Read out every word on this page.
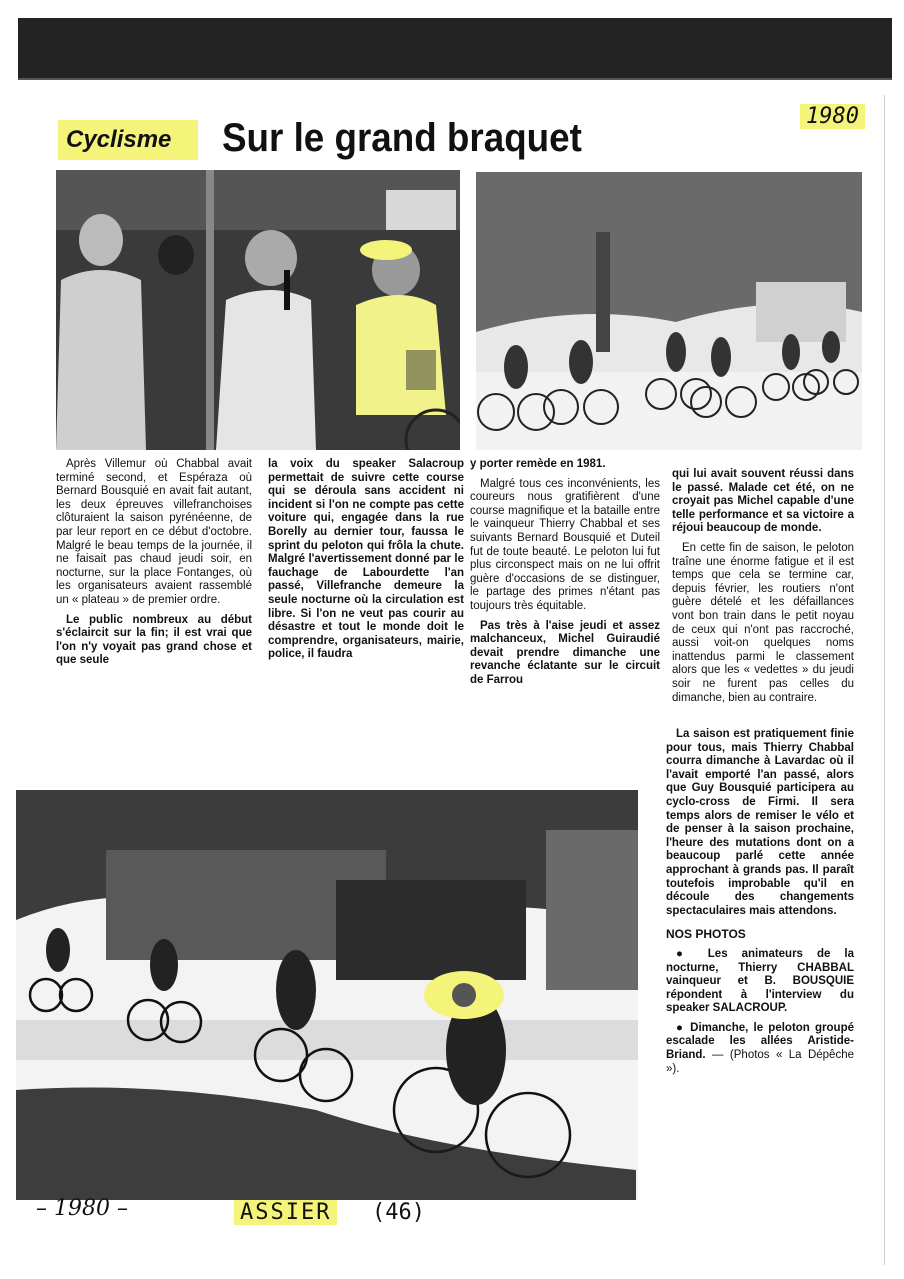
Cyclisme	Sur le grand braquet	1980

Après Villemur où Chabbal avait terminé second, et Espéraza où Bernard Bousquié en avait fait autant, les deux épreuves villefranchoises clôturaient la saison pyrénéenne, de par leur report en ce début d'octobre. Malgré le beau temps de la journée, il ne faisait pas chaud jeudi soir, en nocturne, sur la place Fontanges, où les organisateurs avaient rassemblé un « plateau » de premier ordre.

Le public nombreux au début s'éclaircit sur la fin; il est vrai que l'on n'y voyait pas grand chose et que seule

la voix du speaker Salacroup permettait de suivre cette course qui se déroula sans accident ni incident si l'on ne compte pas cette voiture qui, engagée dans la rue Borelly au dernier tour, faussa le sprint du peloton qui frôla la chute. Malgré l'avertissement donné par le fauchage de Labourdette l'an passé, Villefranche demeure la seule nocturne où la circulation est libre. Si l'on ne veut pas courir au désastre et tout le monde doit le comprendre, organisateurs, mairie, police, il faudra

y porter remède en 1981.

Malgré tous ces inconvénients, les coureurs nous gratifièrent d'une course magnifique et la bataille entre le vainqueur Thierry Chabbal et ses suivants Bernard Bousquié et Duteil fut de toute beauté. Le peloton lui fut plus circonspect mais on ne lui offrit guère d'occasions de se distinguer, le partage des primes n'étant pas toujours très équitable.

Pas très à l'aise jeudi et assez malchanceux, Michel Guiraudié devait prendre dimanche une revanche éclatante sur le circuit de Farrou

qui lui avait souvent réussi dans le passé. Malade cet été, on ne croyait pas Michel capable d'une telle performance et sa victoire a réjoui beaucoup de monde.

En cette fin de saison, le peloton traîne une énorme fatigue et il est temps que cela se termine car, depuis février, les routiers n'ont guère dételé et les défaillances vont bon train dans le petit noyau de ceux qui n'ont pas raccroché, aussi voit-on quelques noms inattendus parmi le classement alors que les « vedettes » du jeudi soir ne furent pas celles du dimanche, bien au contraire.

La saison est pratiquement finie pour tous, mais Thierry Chabbal courra dimanche à Lavardac où il l'avait emporté l'an passé, alors que Guy Bousquié participera au cyclo-cross de Firmi. Il sera temps alors de remiser le vélo et de penser à la saison prochaine, l'heure des mutations dont on a beaucoup parlé cette année approchant à grands pas. Il paraît toutefois improbable qu'il en découle des changements spectaculaires mais attendons.

NOS PHOTOS

● Les animateurs de la nocturne, Thierry CHABBAL vainqueur et B. BOUSQUIE répondent à l'interview du speaker SALACROUP.

● Dimanche, le peloton groupé escalade les allées Aristide-Briand. — (Photos « La Dépêche »).

– 1980 –	ASSIER (46)
